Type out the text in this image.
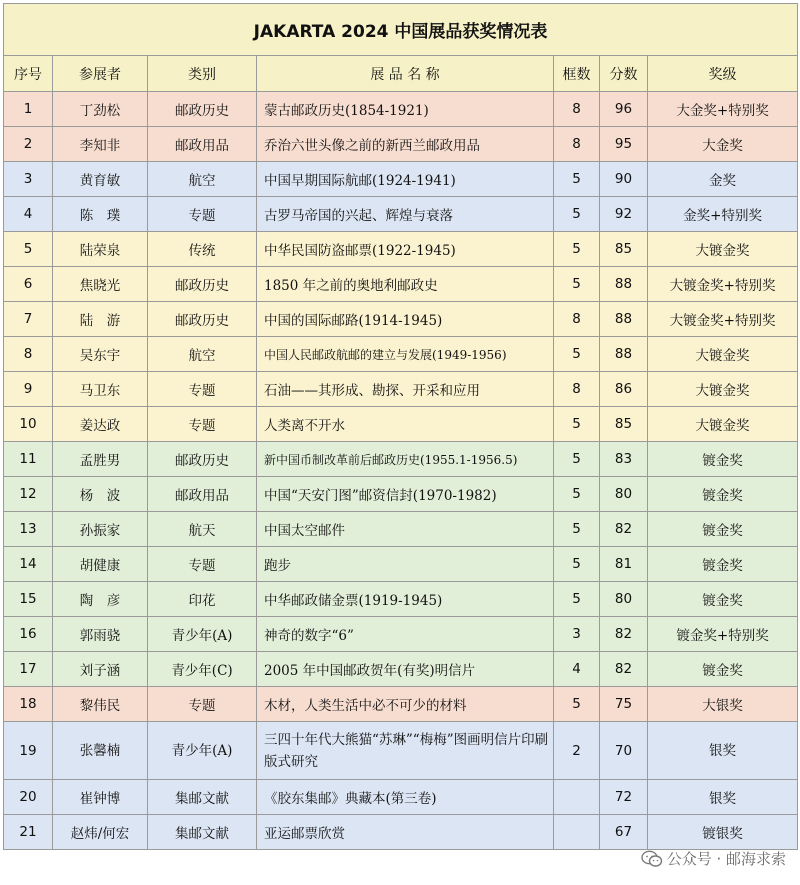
JAKARTA 2024 中国展品获奖情况表						
序号	参展者	类别	展 品 名 称	框数	分数	奖级
1	丁劲松	邮政历史	蒙古邮政历史(1854-1921)	8	96	大金奖+特别奖
2	李知非	邮政用品	乔治六世头像之前的新西兰邮政用品	8	95	大金奖
3	黄育敏	航空	中国早期国际航邮(1924-1941)	5	90	金奖
4	陈　璞	专题	古罗马帝国的兴起、辉煌与衰落	5	92	金奖+特别奖
5	陆荣泉	传统	中华民国防盗邮票(1922-1945)	5	85	大镀金奖
6	焦晓光	邮政历史	1850 年之前的奥地利邮政史	5	88	大镀金奖+特别奖
7	陆　游	邮政历史	中国的国际邮路(1914-1945)	8	88	大镀金奖+特别奖
8	吴东宇	航空	中国人民邮政航邮的建立与发展(1949-1956)	5	88	大镀金奖
9	马卫东	专题	石油——其形成、勘探、开采和应用	8	86	大镀金奖
10	姜达政	专题	人类离不开水	5	85	大镀金奖
11	孟胜男	邮政历史	新中国币制改革前后邮政历史(1955.1-1956.5)	5	83	镀金奖
12	杨　波	邮政用品	中国“天安门图”邮资信封(1970-1982)	5	80	镀金奖
13	孙振家	航天	中国太空邮件	5	82	镀金奖
14	胡健康	专题	跑步	5	81	镀金奖
15	陶　彦	印花	中华邮政储金票(1919-1945)	5	80	镀金奖
16	郭雨骁	青少年(A)	神奇的数字“6”	3	82	镀金奖+特别奖
17	刘子涵	青少年(C)	2005 年中国邮政贺年(有奖)明信片	4	82	镀金奖
18	黎伟民	专题	木材，人类生活中必不可少的材料	5	75	大银奖
19	张馨楠	青少年(A)	三四十年代大熊猫“苏琳”“梅梅”图画明信片印刷版式研究	2	70	银奖
20	崔钟博	集邮文献	《胶东集邮》典藏本(第三卷)		72	银奖
21	赵炜/何宏	集邮文献	亚运邮票欣赏		67	镀银奖
公众号 · 邮海求索
